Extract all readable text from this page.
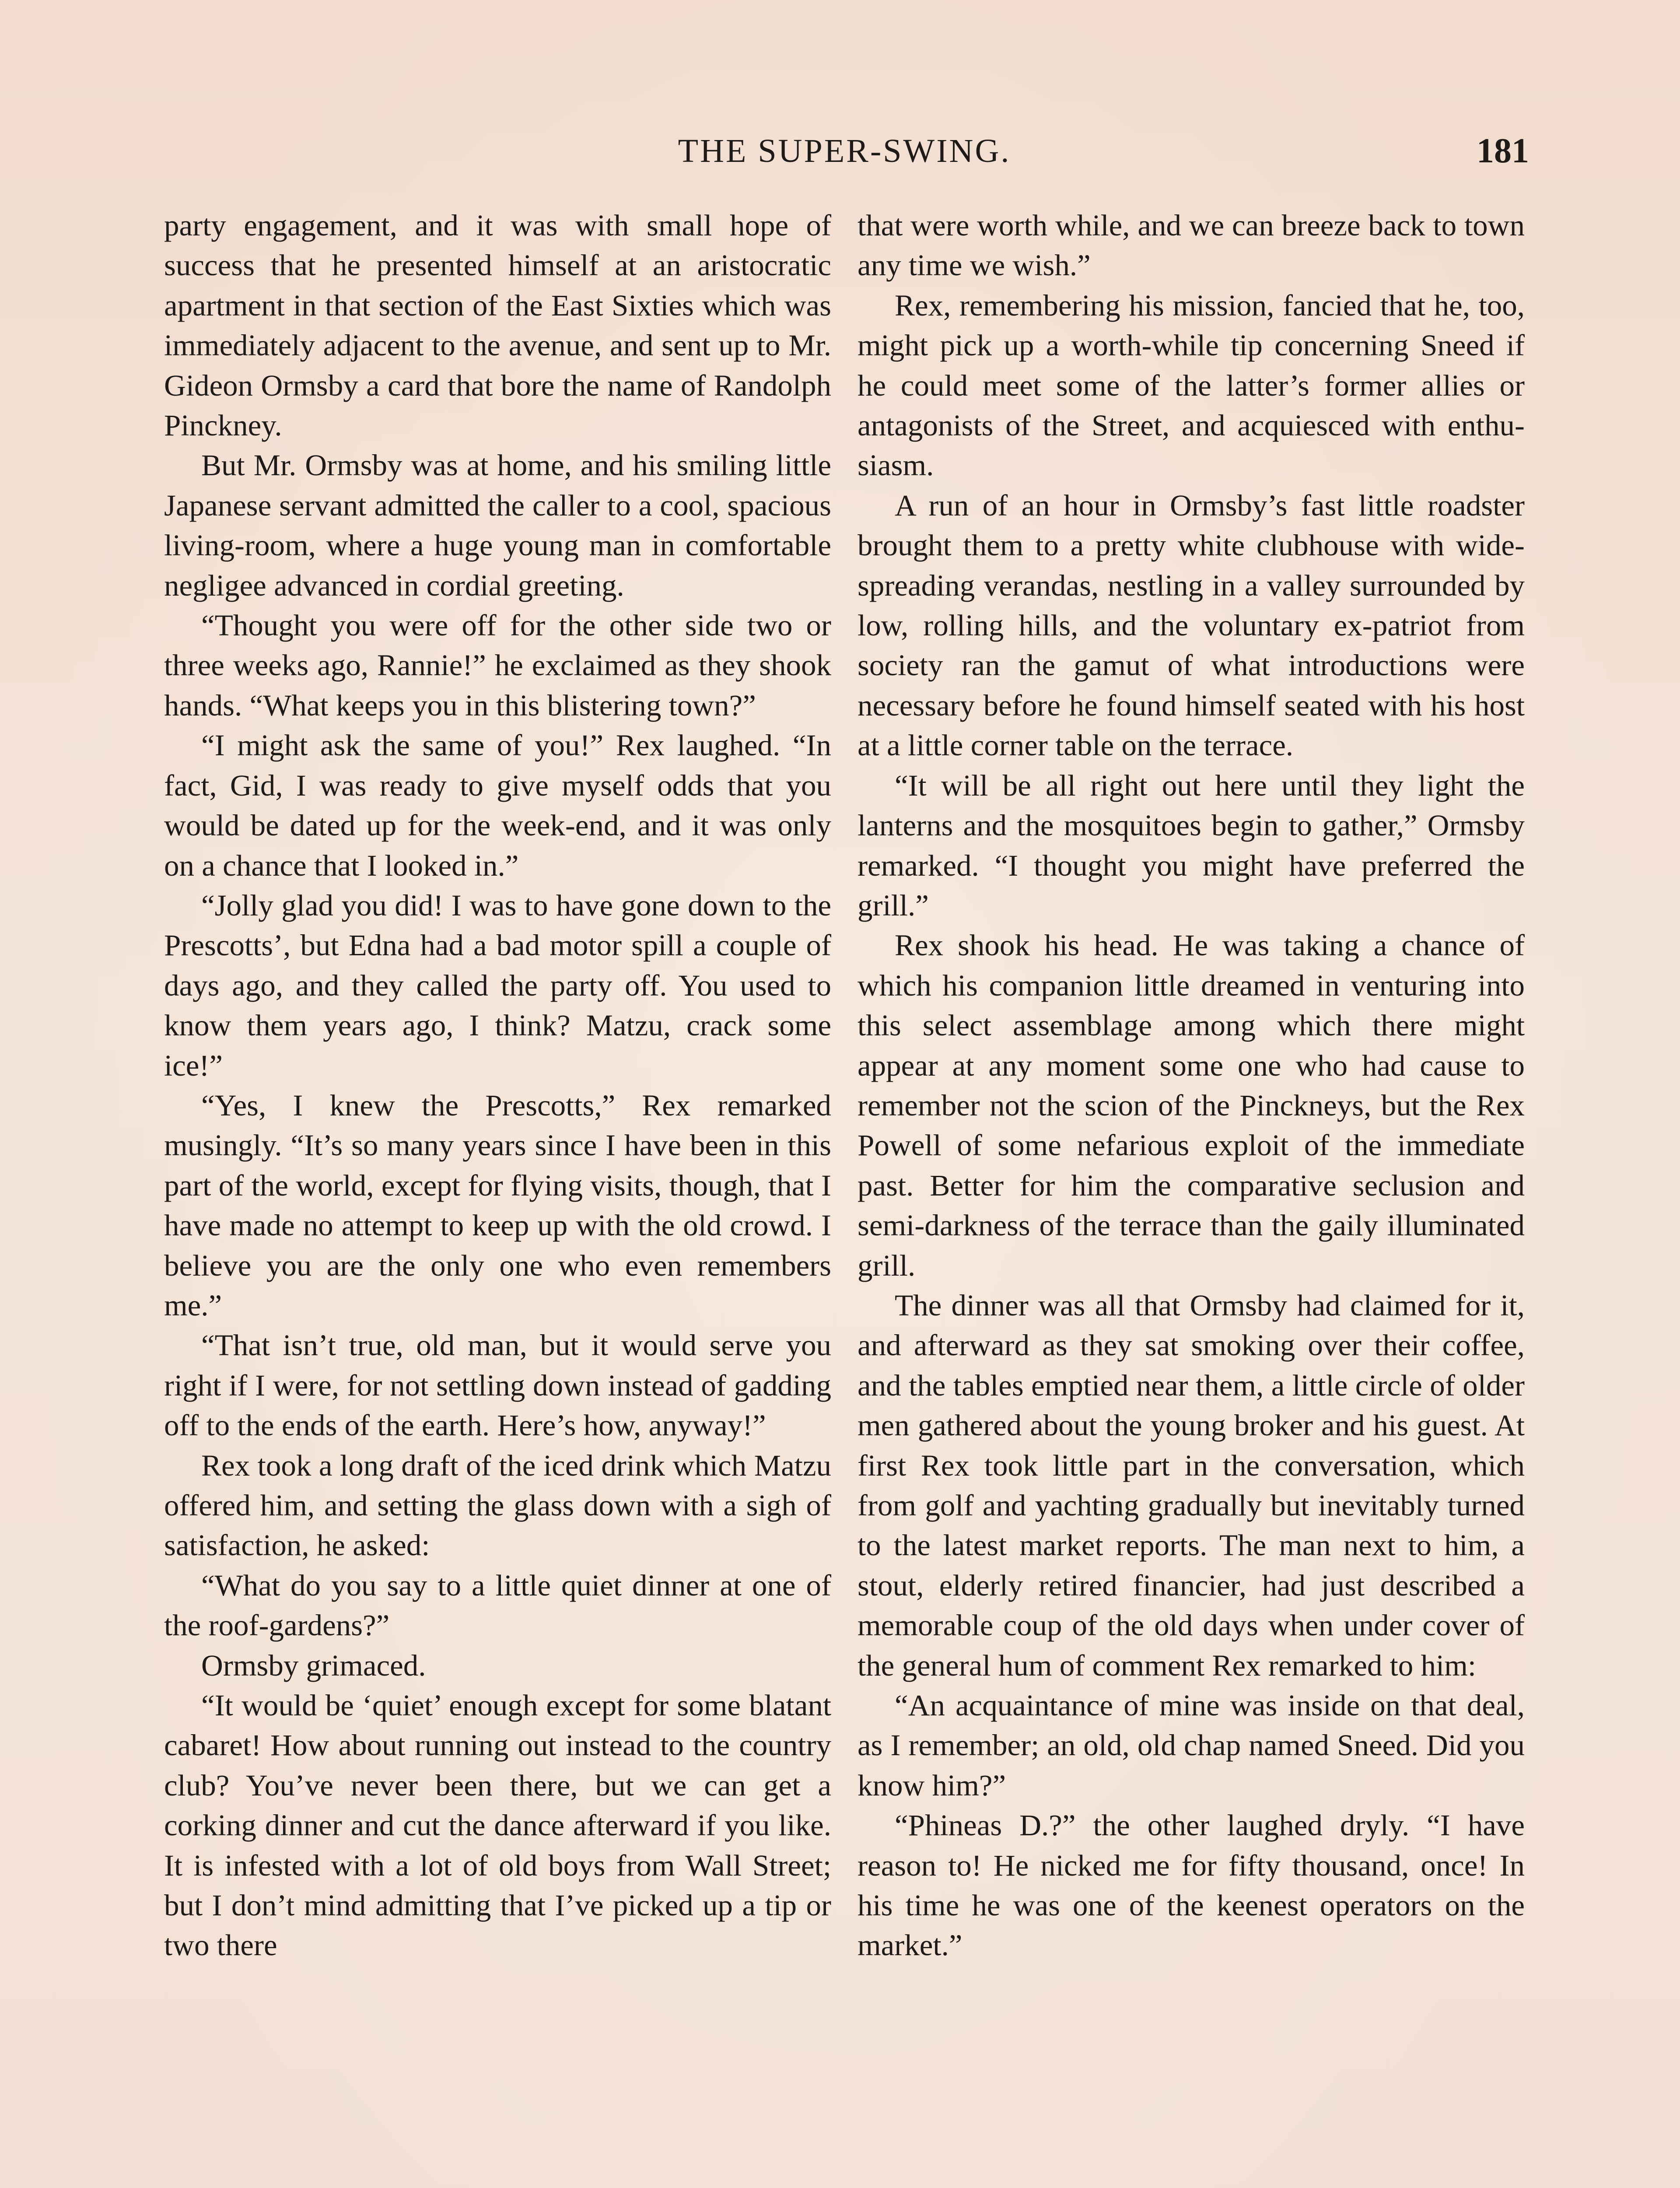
THE SUPER-SWING.	181

party engagement, and it was with small hope of success that he presented himself at an aristocratic apartment in that section of the East Sixties which was immediately adjacent to the avenue, and sent up to Mr. Gideon Ormsby a card that bore the name of Randolph Pinckney.

But Mr. Ormsby was at home, and his smiling little Japanese servant admitted the caller to a cool, spacious living-room, where a huge young man in comfortable negligee advanced in cordial greeting.

“Thought you were off for the other side two or three weeks ago, Rannie!” he exclaimed as they shook hands. “What keeps you in this blistering town?”

“I might ask the same of you!” Rex laughed. “In fact, Gid, I was ready to give myself odds that you would be dated up for the week-end, and it was only on a chance that I looked in.”

“Jolly glad you did! I was to have gone down to the Prescotts’, but Edna had a bad motor spill a couple of days ago, and they called the party off. You used to know them years ago, I think? Matzu, crack some ice!”

“Yes, I knew the Prescotts,” Rex remarked musingly. “It’s so many years since I have been in this part of the world, except for flying visits, though, that I have made no attempt to keep up with the old crowd. I believe you are the only one who even remembers me.”

“That isn’t true, old man, but it would serve you right if I were, for not settling down instead of gadding off to the ends of the earth. Here’s how, anyway!”

Rex took a long draft of the iced drink which Matzu offered him, and setting the glass down with a sigh of satisfaction, he asked:

“What do you say to a little quiet dinner at one of the roof-gardens?”

Ormsby grimaced.

“It would be ‘quiet’ enough except for some blatant cabaret! How about running out instead to the country club? You’ve never been there, but we can get a corking dinner and cut the dance afterward if you like. It is infested with a lot of old boys from Wall Street; but I don’t mind admitting that I’ve picked up a tip or two there

that were worth while, and we can breeze back to town any time we wish.”

Rex, remembering his mission, fancied that he, too, might pick up a worth-while tip concerning Sneed if he could meet some of the latter’s former allies or antagonists of the Street, and acquiesced with enthusiasm.

A run of an hour in Ormsby’s fast little roadster brought them to a pretty white clubhouse with wide-spreading verandas, nestling in a valley surrounded by low, rolling hills, and the voluntary ex-patriot from society ran the gamut of what introductions were necessary before he found himself seated with his host at a little corner table on the terrace.

“It will be all right out here until they light the lanterns and the mosquitoes begin to gather,” Ormsby remarked. “I thought you might have preferred the grill.”

Rex shook his head. He was taking a chance of which his companion little dreamed in venturing into this select assemblage among which there might appear at any moment some one who had cause to remember not the scion of the Pinckneys, but the Rex Powell of some nefarious exploit of the immediate past. Better for him the comparative seclusion and semi-darkness of the terrace than the gaily illuminated grill.

The dinner was all that Ormsby had claimed for it, and afterward as they sat smoking over their coffee, and the tables emptied near them, a little circle of older men gathered about the young broker and his guest. At first Rex took little part in the conversation, which from golf and yachting gradually but inevitably turned to the latest market reports. The man next to him, a stout, elderly retired financier, had just described a memorable coup of the old days when under cover of the general hum of comment Rex remarked to him:

“An acquaintance of mine was inside on that deal, as I remember; an old, old chap named Sneed. Did you know him?”

“Phineas D.?” the other laughed dryly. “I have reason to! He nicked me for fifty thousand, once! In his time he was one of the keenest operators on the market.”
